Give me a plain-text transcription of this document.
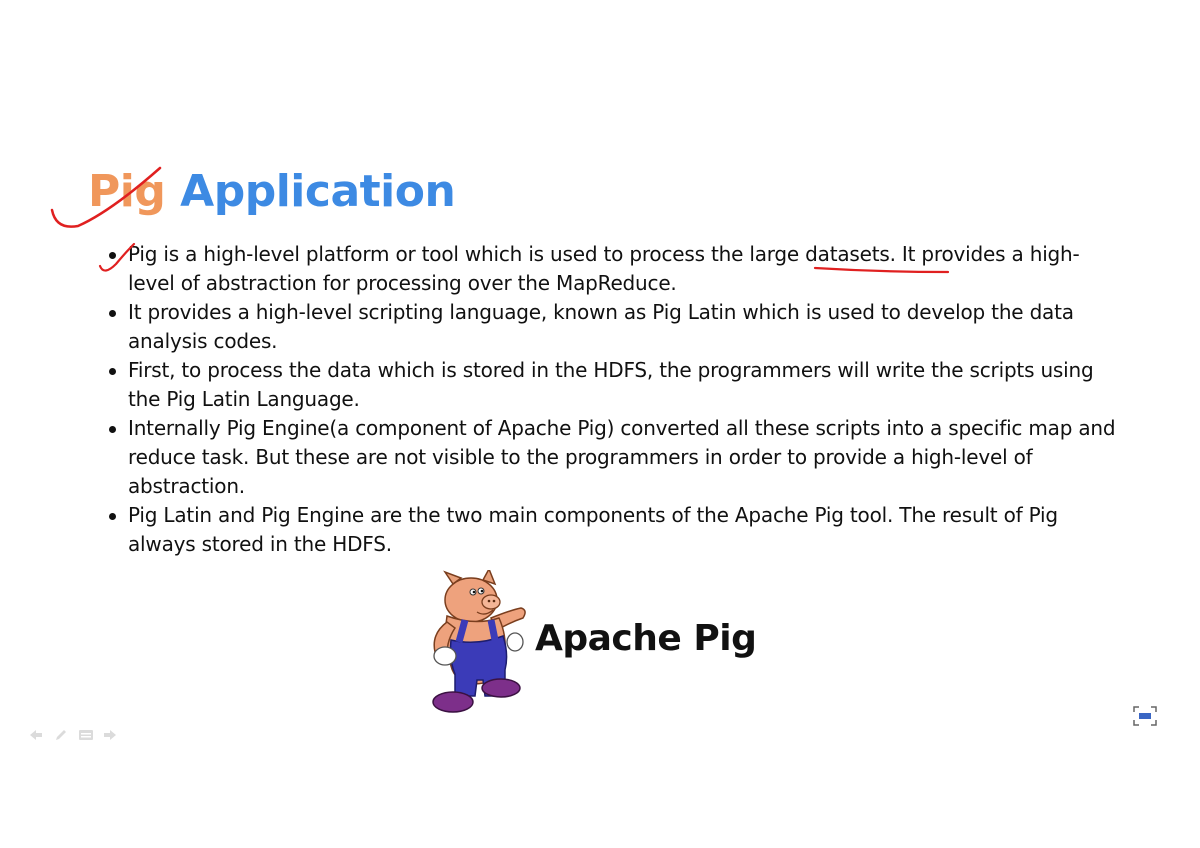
Pig Application
Pig is a high-level platform or tool which is used to process the large datasets. It provides a high-level of abstraction for processing over the MapReduce.
It provides a high-level scripting language, known as Pig Latin which is used to develop the data analysis codes.
First, to process the data which is stored in the HDFS, the programmers will write the scripts using the Pig Latin Language.
Internally Pig Engine(a component of Apache Pig) converted all these scripts into a specific map and reduce task. But these are not visible to the programmers in order to provide a high-level of abstraction.
Pig Latin and Pig Engine are the two main components of the Apache Pig tool. The result of Pig always stored in the HDFS.
Apache Pig
